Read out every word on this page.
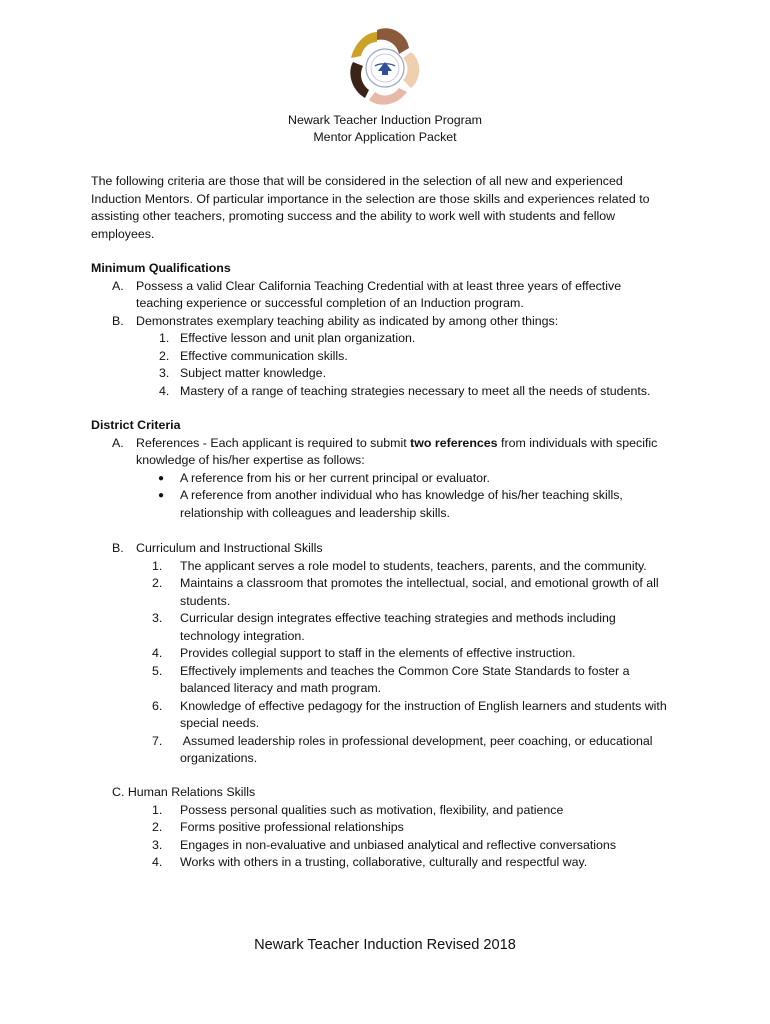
Newark Teacher Induction Program
Mentor Application Packet

The following criteria are those that will be considered in the selection of all new and experienced

Induction Mentors. Of particular importance in the selection are those skills and experiences related to

assisting other teachers, promoting success and the ability to work well with students and fellow

employees.

Minimum Qualifications

A. Possess a valid Clear California Teaching Credential with at least three years of effective

teaching experience or successful completion of an Induction program.

B. Demonstrates exemplary teaching ability as indicated by among other things:

1. Effective lesson and unit plan organization.

2. Effective communication skills.

3. Subject matter knowledge.

4. Mastery of a range of teaching strategies necessary to meet all the needs of students.

District Criteria

A. References - Each applicant is required to submit two references from individuals with specific

knowledge of his/her expertise as follows:

● A reference from his or her current principal or evaluator.

● A reference from another individual who has knowledge of his/her teaching skills,

relationship with colleagues and leadership skills.

B. Curriculum and Instructional Skills

1. The applicant serves a role model to students, teachers, parents, and the community.

2. Maintains a classroom that promotes the intellectual, social, and emotional growth of all

students.

3. Curricular design integrates effective teaching strategies and methods including

technology integration.

4. Provides collegial support to staff in the elements of effective instruction.

5. Effectively implements and teaches the Common Core State Standards to foster a

balanced literacy and math program.

6. Knowledge of effective pedagogy for the instruction of English learners and students with

special needs.

7. Assumed leadership roles in professional development, peer coaching, or educational

organizations.

C. Human Relations Skills

1. Possess personal qualities such as motivation, flexibility, and patience

2. Forms positive professional relationships

3. Engages in non-evaluative and unbiased analytical and reflective conversations

4. Works with others in a trusting, collaborative, culturally and respectful way.

Newark Teacher Induction Revised 2018
